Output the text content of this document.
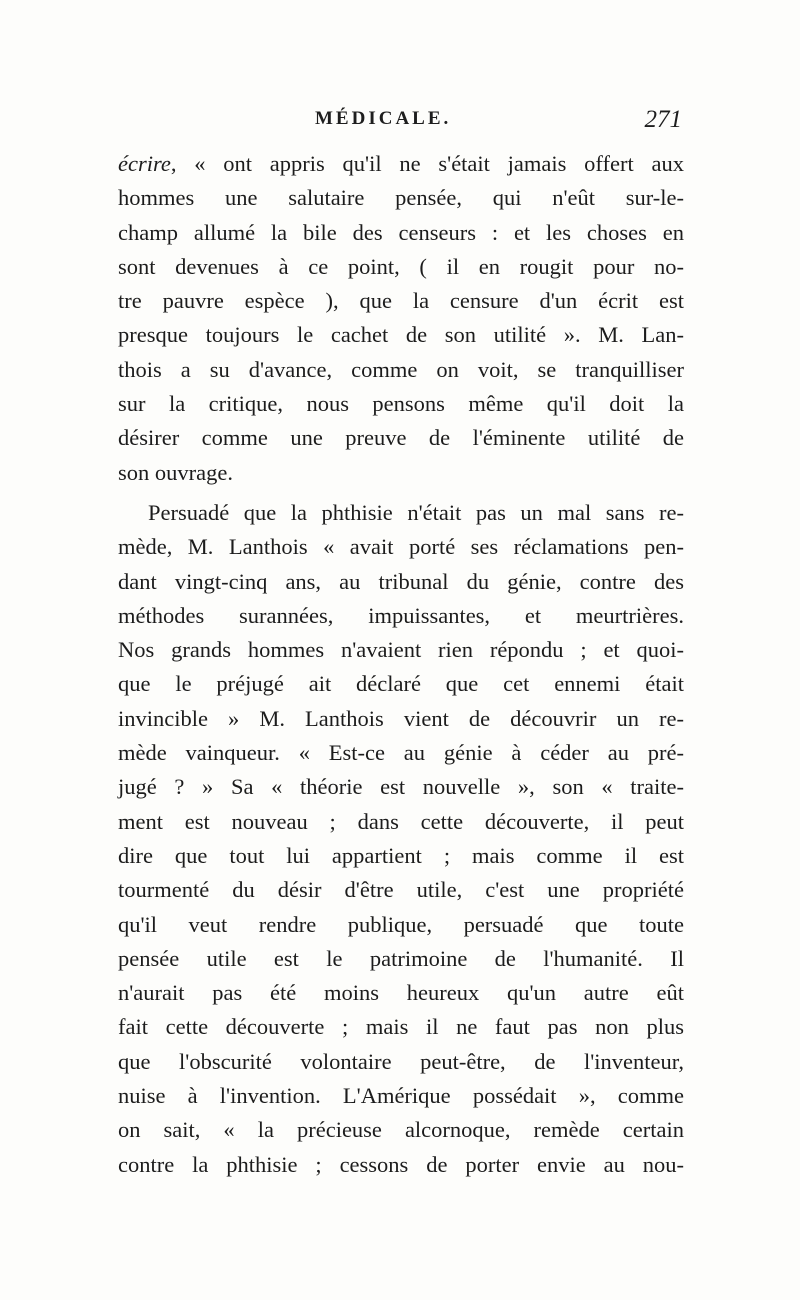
MÉDICALE.	271
écrire, « ont appris qu'il ne s'était jamais offert aux
hommes une salutaire pensée, qui n'eût sur-le-
champ allumé la bile des censeurs : et les choses en
sont devenues à ce point, ( il en rougit pour no-
tre pauvre espèce ), que la censure d'un écrit est
presque toujours le cachet de son utilité ». M. Lan-
thois a su d'avance, comme on voit, se tranquilliser
sur la critique, nous pensons même qu'il doit la
désirer comme une preuve de l'éminente utilité de
son ouvrage.
Persuadé que la phthisie n'était pas un mal sans re-
mède, M. Lanthois « avait porté ses réclamations pen-
dant vingt-cinq ans, au tribunal du génie, contre des
méthodes surannées, impuissantes, et meurtrières.
Nos grands hommes n'avaient rien répondu ; et quoi-
que le préjugé ait déclaré que cet ennemi était
invincible » M. Lanthois vient de découvrir un re-
mède vainqueur. « Est-ce au génie à céder au pré-
jugé ? » Sa « théorie est nouvelle », son « traite-
ment est nouveau ; dans cette découverte, il peut
dire que tout lui appartient ; mais comme il est
tourmenté du désir d'être utile, c'est une propriété
qu'il veut rendre publique, persuadé que toute
pensée utile est le patrimoine de l'humanité. Il
n'aurait pas été moins heureux qu'un autre eût
fait cette découverte ; mais il ne faut pas non plus
que l'obscurité volontaire peut-être, de l'inventeur,
nuise à l'invention. L'Amérique possédait », comme
on sait, « la précieuse alcornoque, remède certain
contre la phthisie ; cessons de porter envie au nou-
